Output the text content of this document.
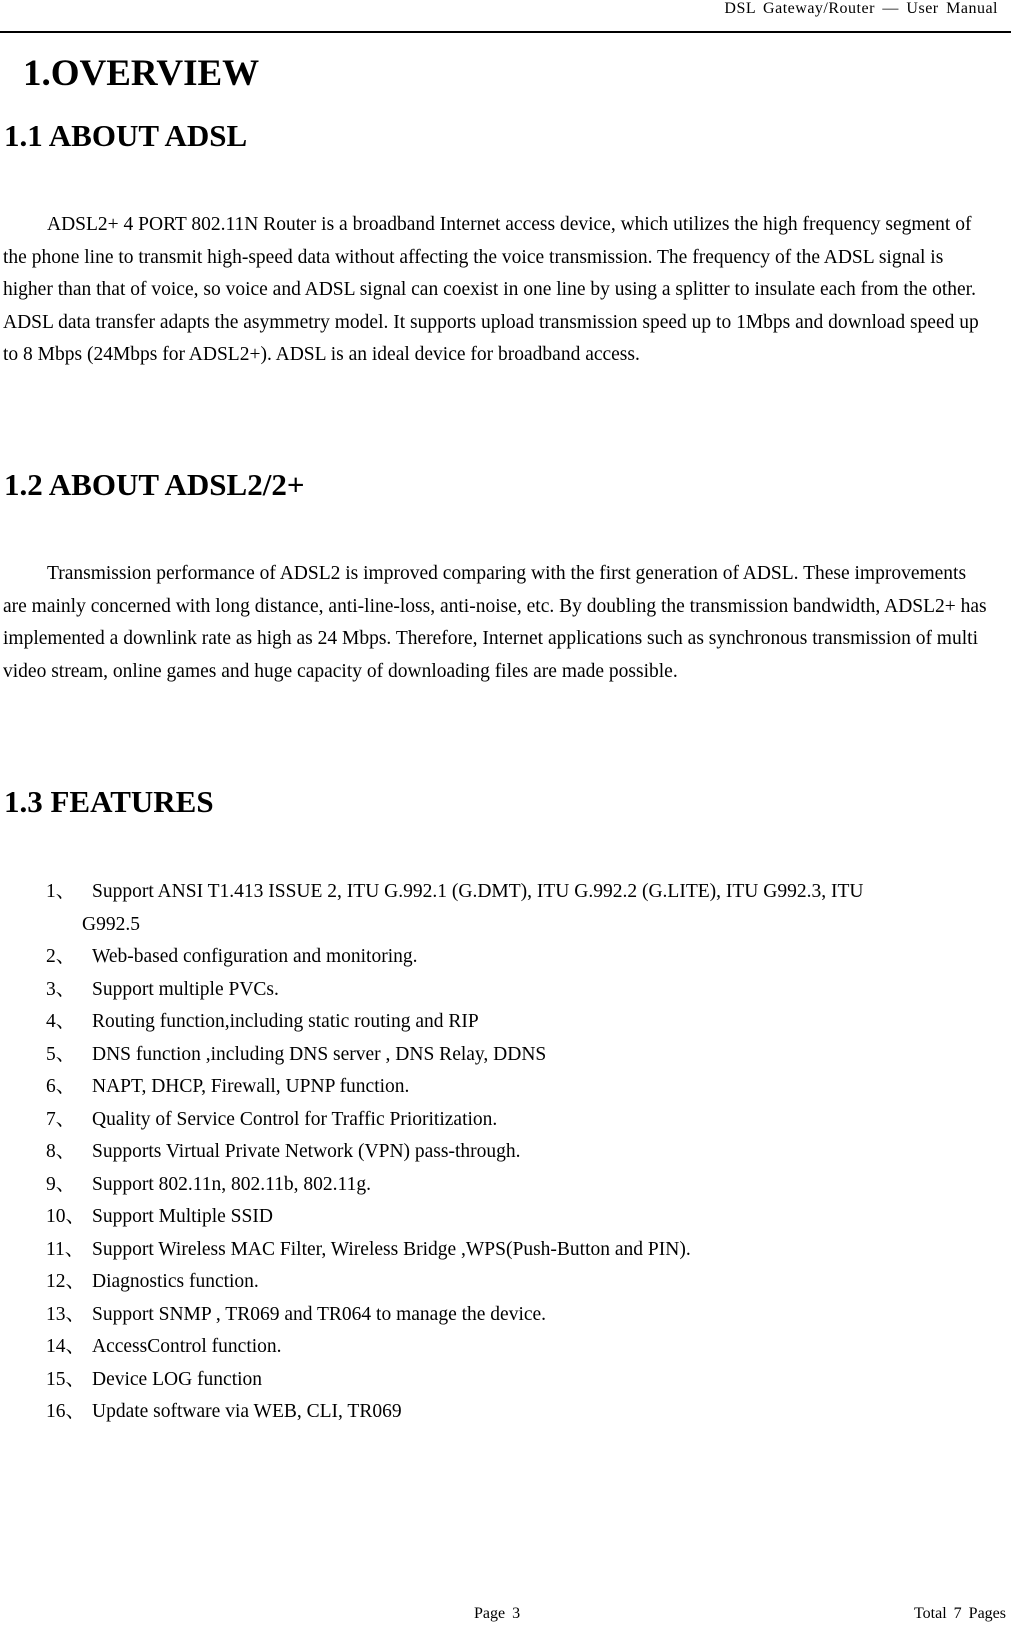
DSL Gateway/Router — User Manual
1.OVERVIEW
1.1 ABOUT ADSL

ADSL2+ 4 PORT 802.11N Router is a broadband Internet access device, which utilizes the high frequency segment of the phone line to transmit high-speed data without affecting the voice transmission. The frequency of the ADSL signal is higher than that of voice, so voice and ADSL signal can coexist in one line by using a splitter to insulate each from the other. ADSL data transfer adapts the asymmetry model. It supports upload transmission speed up to 1Mbps and download speed up to 8 Mbps (24Mbps for ADSL2+). ADSL is an ideal device for broadband access.

1.2 ABOUT ADSL2/2+

Transmission performance of ADSL2 is improved comparing with the first generation of ADSL. These improvements are mainly concerned with long distance, anti-line-loss, anti-noise, etc. By doubling the transmission bandwidth, ADSL2+ has implemented a downlink rate as high as 24 Mbps. Therefore, Internet applications such as synchronous transmission of multi video stream, online games and huge capacity of downloading files are made possible.

1.3 FEATURES
1、 Support ANSI T1.413 ISSUE 2, ITU G.992.1 (G.DMT), ITU G.992.2 (G.LITE), ITU G992.3, ITU
G992.5
2、 Web-based configuration and monitoring.
3、 Support multiple PVCs.
4、 Routing function,including static routing and RIP
5、 DNS function ,including DNS server , DNS Relay, DDNS
6、 NAPT, DHCP, Firewall, UPNP function.
7、 Quality of Service Control for Traffic Prioritization.
8、 Supports Virtual Private Network (VPN) pass-through.
9、 Support 802.11n, 802.11b, 802.11g.
10、 Support Multiple SSID
11、 Support Wireless MAC Filter, Wireless Bridge ,WPS(Push-Button and PIN).
12、 Diagnostics function.
13、 Support SNMP , TR069 and TR064 to manage the device.
14、 AccessControl function.
15、 Device LOG function
16、 Update software via WEB, CLI, TR069
Page 3	Total 7 Pages
